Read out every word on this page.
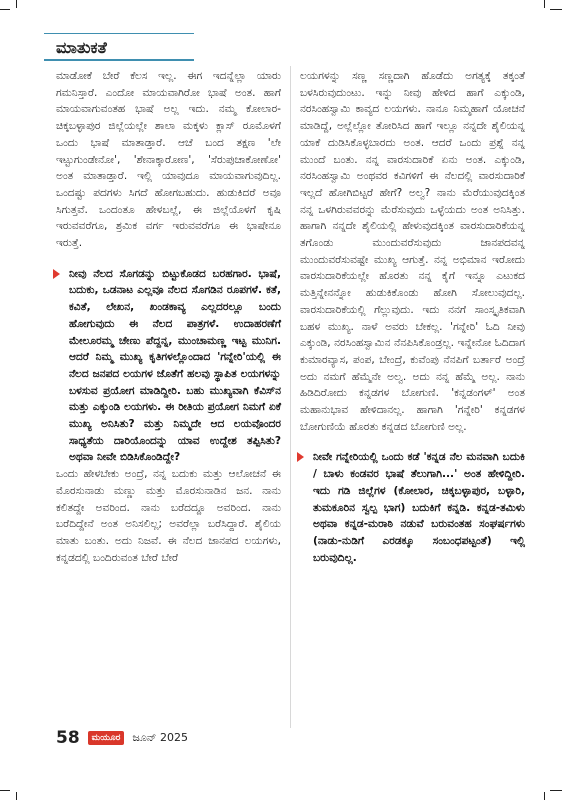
ಮಾತುಕತೆ

ಮಾಡೋಕೆ ಬೇರೆ ಕೆಲಸ ಇಲ್ಲ. ಈಗ ಇದನ್ನೆಲ್ಲಾ ಯಾರು ಗಮನಿಸ್ತಾರೆ. ಎಂದೋ ಮಾಯವಾಗಿರೋ ಭಾಷೆ ಅಂತ. ಹಾಗೆ ಮಾಯವಾಗುವಂತಹ ಭಾಷೆ ಅಲ್ಲ ಇದು. ನಮ್ಮ ಕೋಲಾರ-ಚಿಕ್ಕಬಳ್ಳಾಪುರ ಜಿಲ್ಲೆಯಲ್ಲೇ ಶಾಲಾ ಮಕ್ಕಳು ಕ್ಲಾಸ್ ರೂಮೊಳಗೆ ಒಂದು ಭಾಷೆ ಮಾತಾಡ್ತಾರೆ. ಆಚೆ ಬಂದ ತಕ್ಷಣ 'ಲೇ ಇಟ್ಟುಗುಂಡೇನೋ', 'ಶೇನಾಕ್ಕಾರೋಣ', 'ಸೆರುಪುಚಾಕೋಣೋ' ಅಂತ ಮಾತಾಡ್ತಾರೆ. ಇಲ್ಲಿ ಯಾವುದೂ ಮಾಯವಾಗುವುದಿಲ್ಲ. ಒಂದಷ್ಟು ಪದಗಳು ಸಿಗದೆ ಹೋಗಬಹುದು. ಹುಡುಕಿದರೆ ಅವೂ ಸಿಗುತ್ತವೆ. ಒಂದಂತೂ ಹೇಳಬಲ್ಲೆ, ಈ ಜಿಲ್ಲೆಯೊಳಗೆ ಕೃಷಿ ಇರುವವರೆಗೂ, ಶ್ರಮಿಕ ವರ್ಗ ಇರುವವರೆಗೂ ಈ ಭಾಷೇನೂ ಇರುತ್ತೆ.

ನೀವು ನೆಲದ ಸೊಗಡನ್ನು ಬಿಟ್ಟುಕೊಡದ ಬರಹಗಾರ. ಭಾಷೆ, ಬದುಕು, ಒಡನಾಟ ಎಲ್ಲವೂ ನೆಲದ ಸೊಗಡಿನ ರೂಪಗಳೆ. ಕತೆ, ಕವಿತೆ, ಲೇಖನ, ಖಂಡಕಾವ್ಯ ಎಲ್ಲದರಲ್ಲೂ ಬಂದು ಹೋಗುವುದು ಈ ನೆಲದ ಪಾತ್ರಗಳೆ. ಉದಾಹರಣೆಗೆ ಮೇಲೂರಮ್ಮ ಚೇಣು ಪೆದ್ದನ್ನ, ಮುಂಚಾಮಣ್ಣ ಇಟ್ಟ ಮುನಿಗ. ಆದರೆ ನಿಮ್ಮ ಮುಖ್ಯ ಕೃತಿಗಳಲ್ಲೊಂದಾದ 'ಗನ್ನೇರಿ'ಯಲ್ಲಿ ಈ ನೆಲದ ಜನಪದ ಲಯಗಳ ಜೊತೆಗೆ ಹಲವು ಸ್ಥಾಪಿತ ಲಯಗಳನ್ನು ಬಳಸುವ ಪ್ರಯೋಗ ಮಾಡಿದ್ದೀರಿ. ಬಹು ಮುಖ್ಯವಾಗಿ ಕೆವಿಸ್‌ನ ಮತ್ತು ಎಕ್ಕುಂಡಿ ಲಯಗಳು. ಈ ರೀತಿಯ ಪ್ರಯೋಗ ನಿಮಗೆ ಏಕೆ ಮುಖ್ಯ ಅನಿಸಿತು? ಮತ್ತು ನಿಮ್ಮದೇ ಆದ ಲಯವೊಂದರ ಸಾಧ್ಯತೆಯ ದಾರಿಯೊಂದನ್ನು ಯಾವ ಉದ್ದೇಶ ತಪ್ಪಿಸಿತು? ಅಥವಾ ನೀವೇ ಬಿಡಿಸಿಕೊಂಡಿದ್ದೇ?

ಒಂದು ಹೇಳಬೇಕು ಅಂದ್ರೆ, ನನ್ನ ಬದುಕು ಮತ್ತು ಆಲೋಚನೆ ಈ ಮೊರಸುನಾಡು ಮಣ್ಣು ಮತ್ತು ಮೊರಸುನಾಡಿನ ಜನ. ನಾನು ಕಲಿತದ್ದೇ ಅವರಿಂದ. ನಾನು ಬರೆದದ್ದೂ ಅವರಿಂದ. ನಾನು ಬರೆದಿದ್ದೇನೆ ಅಂತ ಅನಿಸಲಿಲ್ಲ; ಅವರೆಲ್ಲಾ ಬರೆಸಿದ್ದಾರೆ. ಶೈಲಿಯ ಮಾತು ಬಂತು. ಅದು ನಿಜವೆ. ಈ ನೆಲದ ಜಾನಪದ ಲಯಗಳು, ಕನ್ನಡದಲ್ಲಿ ಬಂದಿರುವಂತ ಬೇರೆ ಬೇರೆ

ಲಯಗಳನ್ನು ಸಣ್ಣ ಸಣ್ಣದಾಗಿ ಹೊಡೆದು ಅಗತ್ಯಕ್ಕೆ ತಕ್ಕಂತೆ ಬಳಸಿರುವುದುಂಟು. ಇನ್ನು ನೀವು ಹೇಳಿದ ಹಾಗೆ ಎಕ್ಕುಂಡಿ, ನರಸಿಂಹಸ್ವಾಮಿ ಕಾವ್ಯದ ಲಯಗಳು. ನಾನೂ ನಿಮ್ಮಹಾಗೆ ಯೋಚನೆ ಮಾಡಿದ್ದೆ, ಅಲ್ಲೆಲ್ಲೋ ತೋರಿಸಿದ ಹಾಗೆ ಇಲ್ಲೂ ನನ್ನದೇ ಶೈಲಿಯನ್ನ ಯಾಕೆ ದುಡಿಸಿಕೊಳ್ಳಬಾರದು ಅಂತ. ಆದರೆ ಒಂದು ಪ್ರಶ್ನೆ ನನ್ನ ಮುಂದೆ ಬಂತು. ನನ್ನ ವಾರಸುದಾರಿಕೆ ಏನು ಅಂತ. ಎಕ್ಕುಂಡಿ, ನರಸಿಂಹಸ್ವಾಮಿ ಅಂಥವರ ಕವಿಗಳಿಗೆ ಈ ನೆಲದಲ್ಲಿ ವಾರಸುದಾರಿಕೆ ಇಲ್ಲದೆ ಹೋಗಿಬಿಟ್ಟರೆ ಹೇಗೆ? ಅಲ್ವ? ನಾನು ಮೆರೆಯುವುದಕ್ಕಿಂತ ನನ್ನ ಒಳಗಿರುವವರನ್ನು ಮೆರೆಸುವುದು ಒಳ್ಳೆಯದು ಅಂತ ಅನಿಸಿತ್ತು. ಹಾಗಾಗಿ ನನ್ನದೇ ಶೈಲಿಯಲ್ಲಿ ಹೇಳುವುದಕ್ಕಿಂತ ವಾರಸುದಾರಿಕೆಯನ್ನ ತಗೊಂಡು ಮುಂದುವರೆಸುವುದು ಜಾನಪದವನ್ನ ಮುಂದುವರೆಸುವಷ್ಟೇ ಮುಖ್ಯ ಆಗುತ್ತೆ. ನನ್ನ ಅಭಿಮಾನ ಇರೋದು ವಾರಸುದಾರಿಕೆಯಲ್ಲೇ ಹೊರತು ನನ್ನ ಕೈಗೆ ಇನ್ನೂ ಎಟುಕದ ಮತ್ತಿನ್ನೇನನ್ನೋ ಹುಡುಕಿಕೊಂಡು ಹೋಗಿ ಸೋಲುವುದಲ್ಲ. ವಾರಸುದಾರಿಕೆಯಲ್ಲಿ ಗೆಲ್ಲುವುದು. ಇದು ನನಗೆ ಸಾಂಸ್ಕೃತಿಕವಾಗಿ ಬಹಳ ಮುಖ್ಯ. ನಾಳೆ ಅವರು ಬೇಕಲ್ಲ. 'ಗನ್ನೇರಿ' ಓದಿ ನೀವು ಎಕ್ಕುಂಡಿ, ನರಸಿಂಹಸ್ವಾಮಿನ ನೆನಪಿಸಿಕೊಂಡ್ರಲ್ಲ. ಇನ್ನೇನೋ ಓದಿದಾಗ ಕುಮಾರವ್ಯಾಸ, ಪಂಪ, ಬೇಂದ್ರೆ, ಕುವೆಂಪು ನೆನಪಿಗೆ ಬರ್ತಾರೆ ಅಂದ್ರೆ ಅದು ನಮಗೆ ಹೆಮ್ಮೆನೇ ಅಲ್ವ. ಅದು ನನ್ನ ಹೆಮ್ಮೆ ಅಲ್ಲ. ನಾನು ಹಿಡಿದಿರೋದು ಕನ್ನಡಗಳ ಬೋಗುಣಿ. 'ಕನ್ನಡಂಗಳ್' ಅಂತ ಮಹಾನುಭಾವ ಹೇಳಿದಾನಲ್ಲ. ಹಾಗಾಗಿ 'ಗನ್ನೇರಿ' ಕನ್ನಡಗಳ ಬೋಗುಣಿಯೆ ಹೊರತು ಕನ್ನಡದ ಬೋಗುಣಿ ಅಲ್ಲ.

ನೀವೇ ಗನ್ನೇರಿಯಲ್ಲಿ ಒಂದು ಕಡೆ 'ಕನ್ನಡ ನೆಲ ಮನವಾಗಿ ಬದುಕಿ / ಬಾಳು ಕಂಡವರ ಭಾಷೆ ತೆಲುಗಾಗಿ...' ಅಂತ ಹೇಳಿದ್ದೀರಿ. ಇದು ಗಡಿ ಜಿಲ್ಲೆಗಳ (ಕೋಲಾರ, ಚಿಕ್ಕಬಳ್ಳಾಪುರ, ಬಳ್ಳಾರಿ, ತುಮಕೂರಿನ ಸ್ವಲ್ಪ ಭಾಗ) ಬದುಕಿಗೆ ಕನ್ನಡಿ. ಕನ್ನಡ-ತಮಿಳು ಅಥವಾ ಕನ್ನಡ-ಮರಾಠಿ ನಡುವೆ ಬರುವಂತಹ ಸಂಘರ್ಷಗಳು (ನಾಡು-ನುಡಿಗೆ ಎರಡಕ್ಕೂ ಸಂಬಂಧಪಟ್ಟಂತೆ) ಇಲ್ಲಿ ಬರುವುದಿಲ್ಲ.

58	ಮಯೂರ	ಜೂನ್ 2025
